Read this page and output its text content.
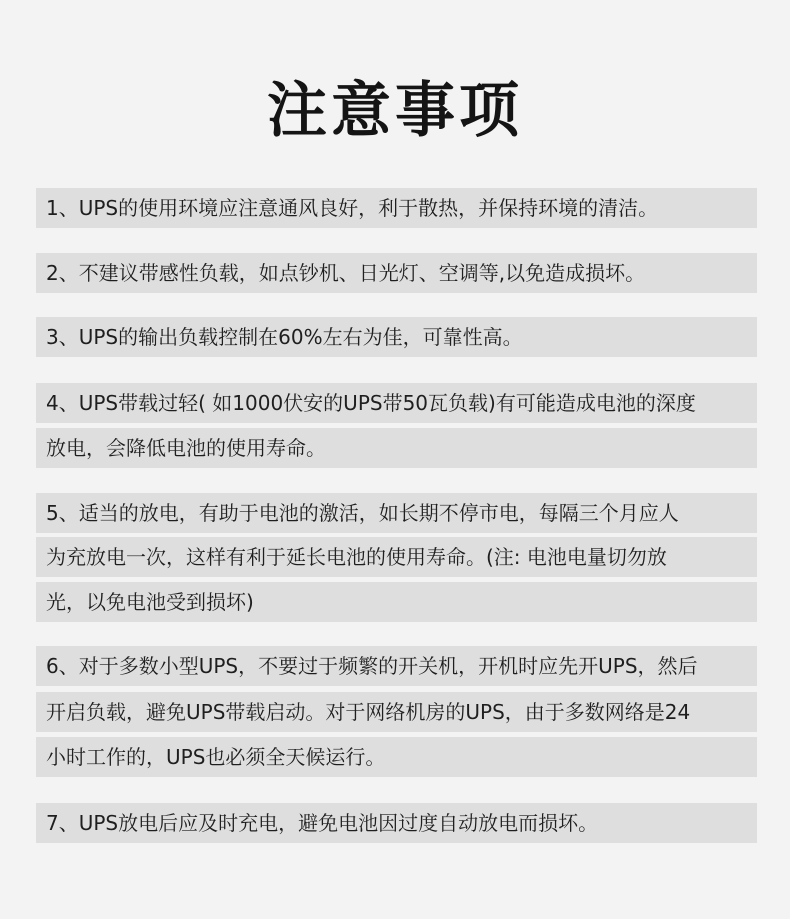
注意事项
1、UPS的使用环境应注意通风良好，利于散热，并保持环境的清洁。
2、不建议带感性负载，如点钞机、日光灯、空调等,以免造成损坏。
3、UPS的输出负载控制在60%左右为佳，可靠性高。
4、UPS带载过轻( 如1000伏安的UPS带50瓦负载)有可能造成电池的深度
放电，会降低电池的使用寿命。
5、适当的放电，有助于电池的激活，如长期不停市电，每隔三个月应人
为充放电一次，这样有利于延长电池的使用寿命。(注: 电池电量切勿放
光，以免电池受到损坏)
6、对于多数小型UPS，不要过于频繁的开关机，开机时应先开UPS，然后
开启负载，避免UPS带载启动。对于网络机房的UPS，由于多数网络是24
小时工作的，UPS也必须全天候运行。
7、UPS放电后应及时充电，避免电池因过度自动放电而损坏。
